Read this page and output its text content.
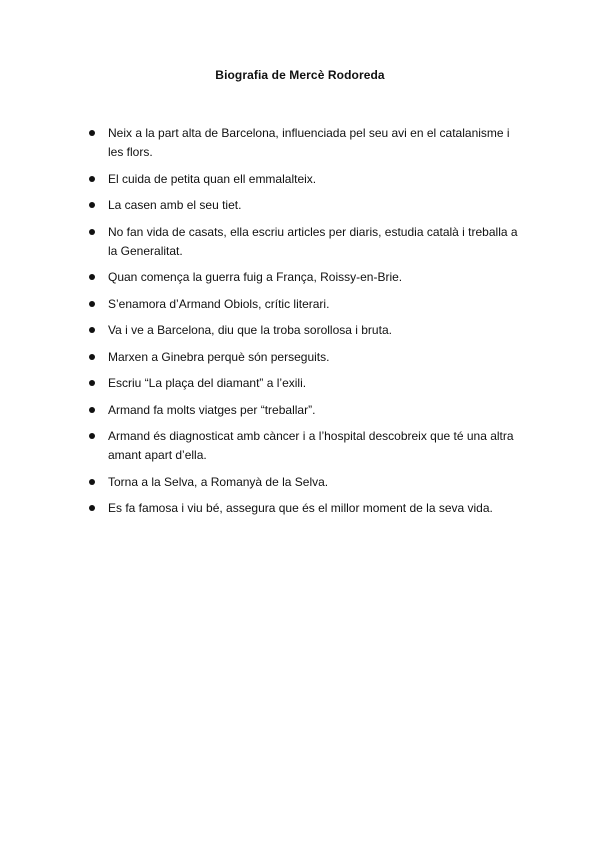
Biografia de Mercè Rodoreda
Neix a la part alta de Barcelona, influenciada pel seu avi en el catalanisme i les flors.
El cuida de petita quan ell emmalalteix.
La casen amb el seu tiet.
No fan vida de casats, ella escriu articles per diaris, estudia català i treballa a la Generalitat.
Quan comença la guerra fuig a França, Roissy-en-Brie.
S’enamora d’Armand Obiols, crític literari.
Va i ve a Barcelona, diu que la troba sorollosa i bruta.
Marxen a Ginebra perquè són perseguits.
Escriu “La plaça del diamant” a l’exili.
Armand fa molts viatges per “treballar”.
Armand és diagnosticat amb càncer i a l’hospital descobreix que té una altra amant apart d’ella.
Torna a la Selva, a Romanyà de la Selva.
Es fa famosa i viu bé, assegura que és el millor moment de la seva vida.
